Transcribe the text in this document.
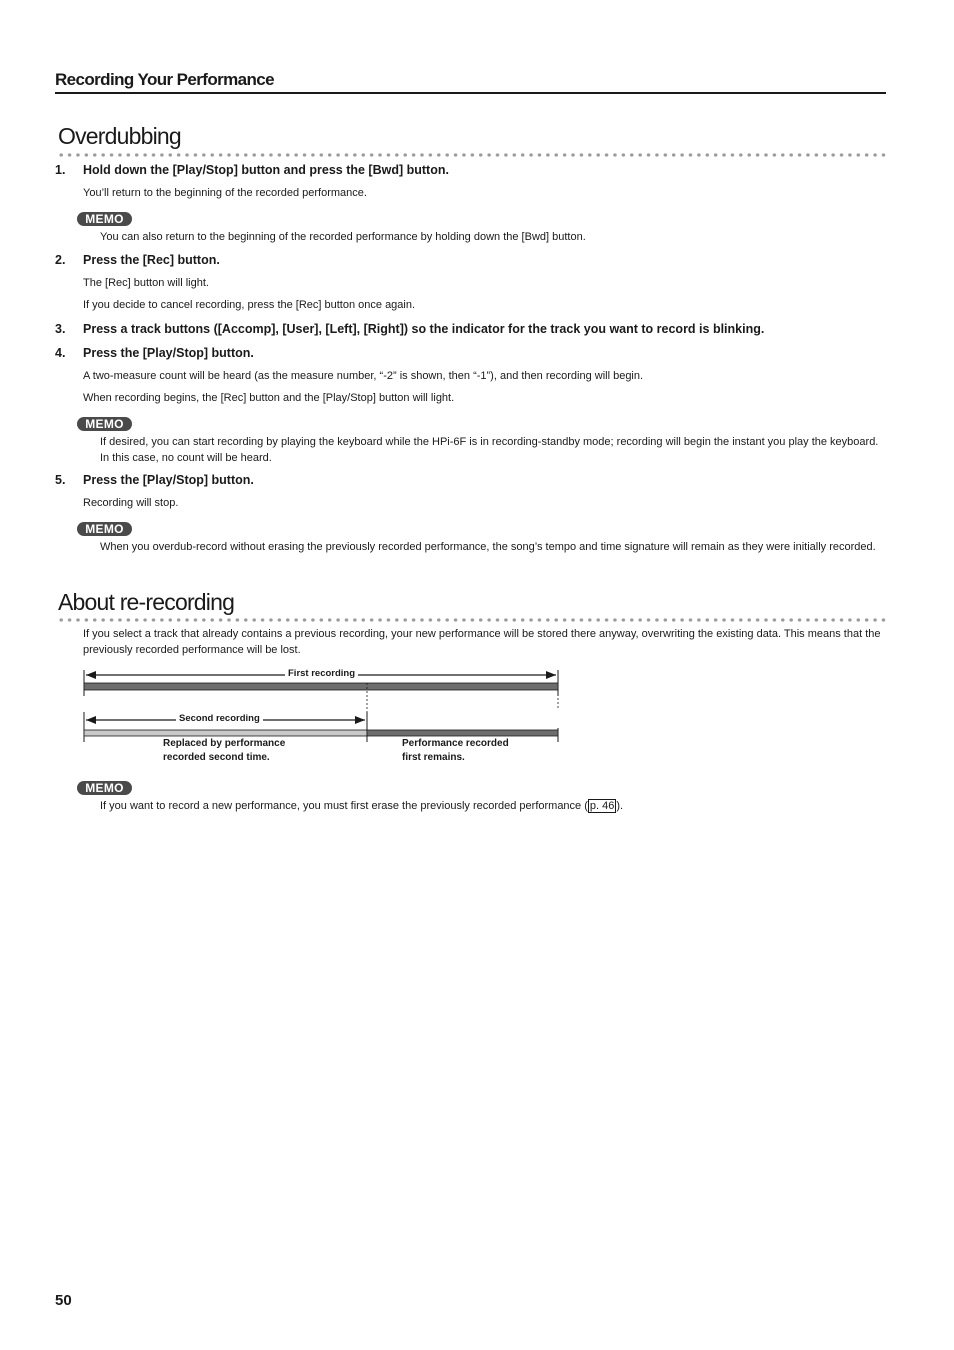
Recording Your Performance
Overdubbing
1. Hold down the [Play/Stop] button and press the [Bwd] button.
You’ll return to the beginning of the recorded performance.
MEMO
You can also return to the beginning of the recorded performance by holding down the [Bwd] button.
2. Press the [Rec] button.
The [Rec] button will light.
If you decide to cancel recording, press the [Rec] button once again.
3. Press a track buttons ([Accomp], [User], [Left], [Right]) so the indicator for the track you want to record is blinking.
4. Press the [Play/Stop] button.
A two-measure count will be heard (as the measure number, “-2” is shown, then “-1”), and then recording will begin.
When recording begins, the [Rec] button and the [Play/Stop] button will light.
MEMO
If desired, you can start recording by playing the keyboard while the HPi-6F is in recording-standby mode; recording will begin the instant you play the keyboard. In this case, no count will be heard.
5. Press the [Play/Stop] button.
Recording will stop.
MEMO
When you overdub-record without erasing the previously recorded performance, the song’s tempo and time signature will remain as they were initially recorded.
About re-recording
If you select a track that already contains a previous recording, your new performance will be stored there anyway, overwriting the existing data. This means that the previously recorded performance will be lost.
First recording
Second recording
Replaced by performance
recorded second time.
Performance recorded
first remains.
MEMO
If you want to record a new performance, you must first erase the previously recorded performance ( p. 46 ).
50
